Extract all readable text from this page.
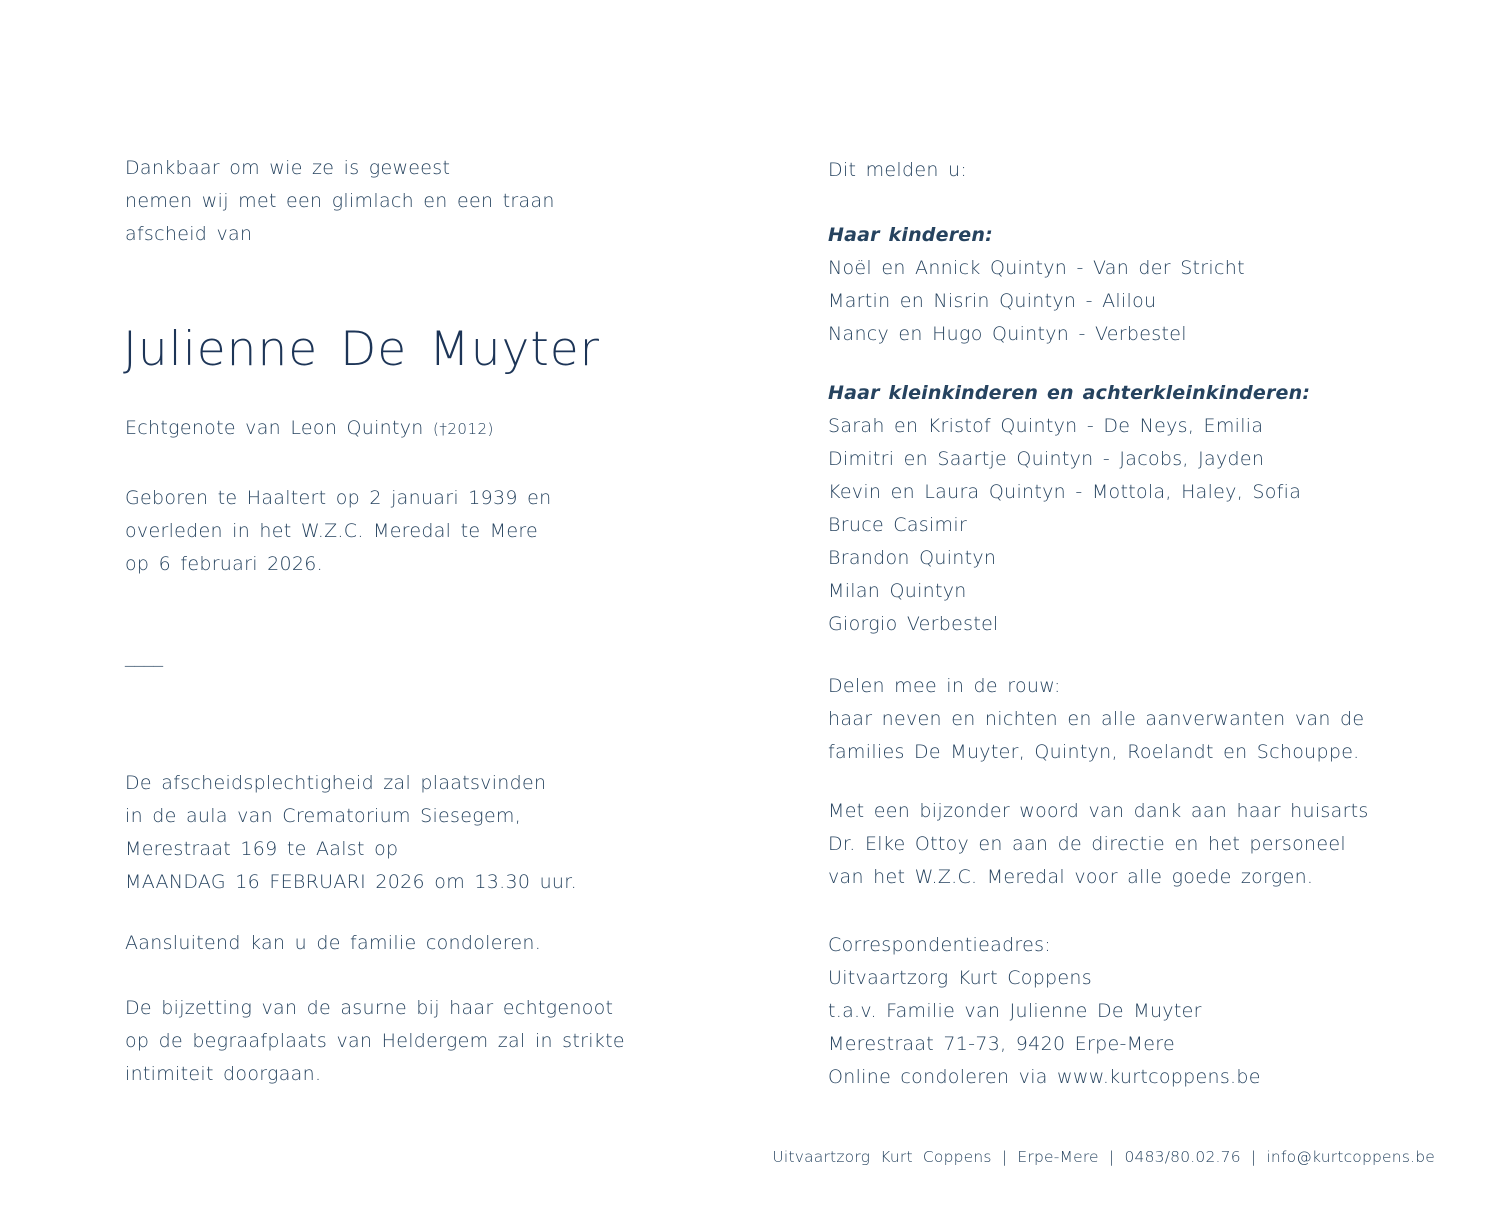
Dankbaar om wie ze is geweest
nemen wij met een glimlach en een traan
afscheid van
Julienne De Muyter
Echtgenote van Leon Quintyn (†2012)
Geboren te Haaltert op 2 januari 1939 en
overleden in het W.Z.C. Meredal te Mere
op 6 februari 2026.
____
De afscheidsplechtigheid zal plaatsvinden
in de aula van Crematorium Siesegem,
Merestraat 169 te Aalst op
MAANDAG 16 FEBRUARI 2026 om 13.30 uur.
Aansluitend kan u de familie condoleren.
De bijzetting van de asurne bij haar echtgenoot
op de begraafplaats van Heldergem zal in strikte
intimiteit doorgaan.
Dit melden u:
Haar kinderen:
Noël en Annick Quintyn - Van der Stricht
Martin en Nisrin Quintyn - Alilou
Nancy en Hugo Quintyn - Verbestel
Haar kleinkinderen en achterkleinkinderen:
Sarah en Kristof Quintyn - De Neys, Emilia
Dimitri en Saartje Quintyn - Jacobs, Jayden
Kevin en Laura Quintyn - Mottola, Haley, Sofia
Bruce Casimir
Brandon Quintyn
Milan Quintyn
Giorgio Verbestel
Delen mee in de rouw:
haar neven en nichten en alle aanverwanten van de
families De Muyter, Quintyn, Roelandt en Schouppe.
Met een bijzonder woord van dank aan haar huisarts
Dr. Elke Ottoy en aan de directie en het personeel
van het W.Z.C. Meredal voor alle goede zorgen.
Correspondentieadres:
Uitvaartzorg Kurt Coppens
t.a.v. Familie van Julienne De Muyter
Merestraat 71-73, 9420 Erpe-Mere
Online condoleren via www.kurtcoppens.be
Uitvaartzorg Kurt Coppens | Erpe-Mere | 0483/80.02.76 | info@kurtcoppens.be
